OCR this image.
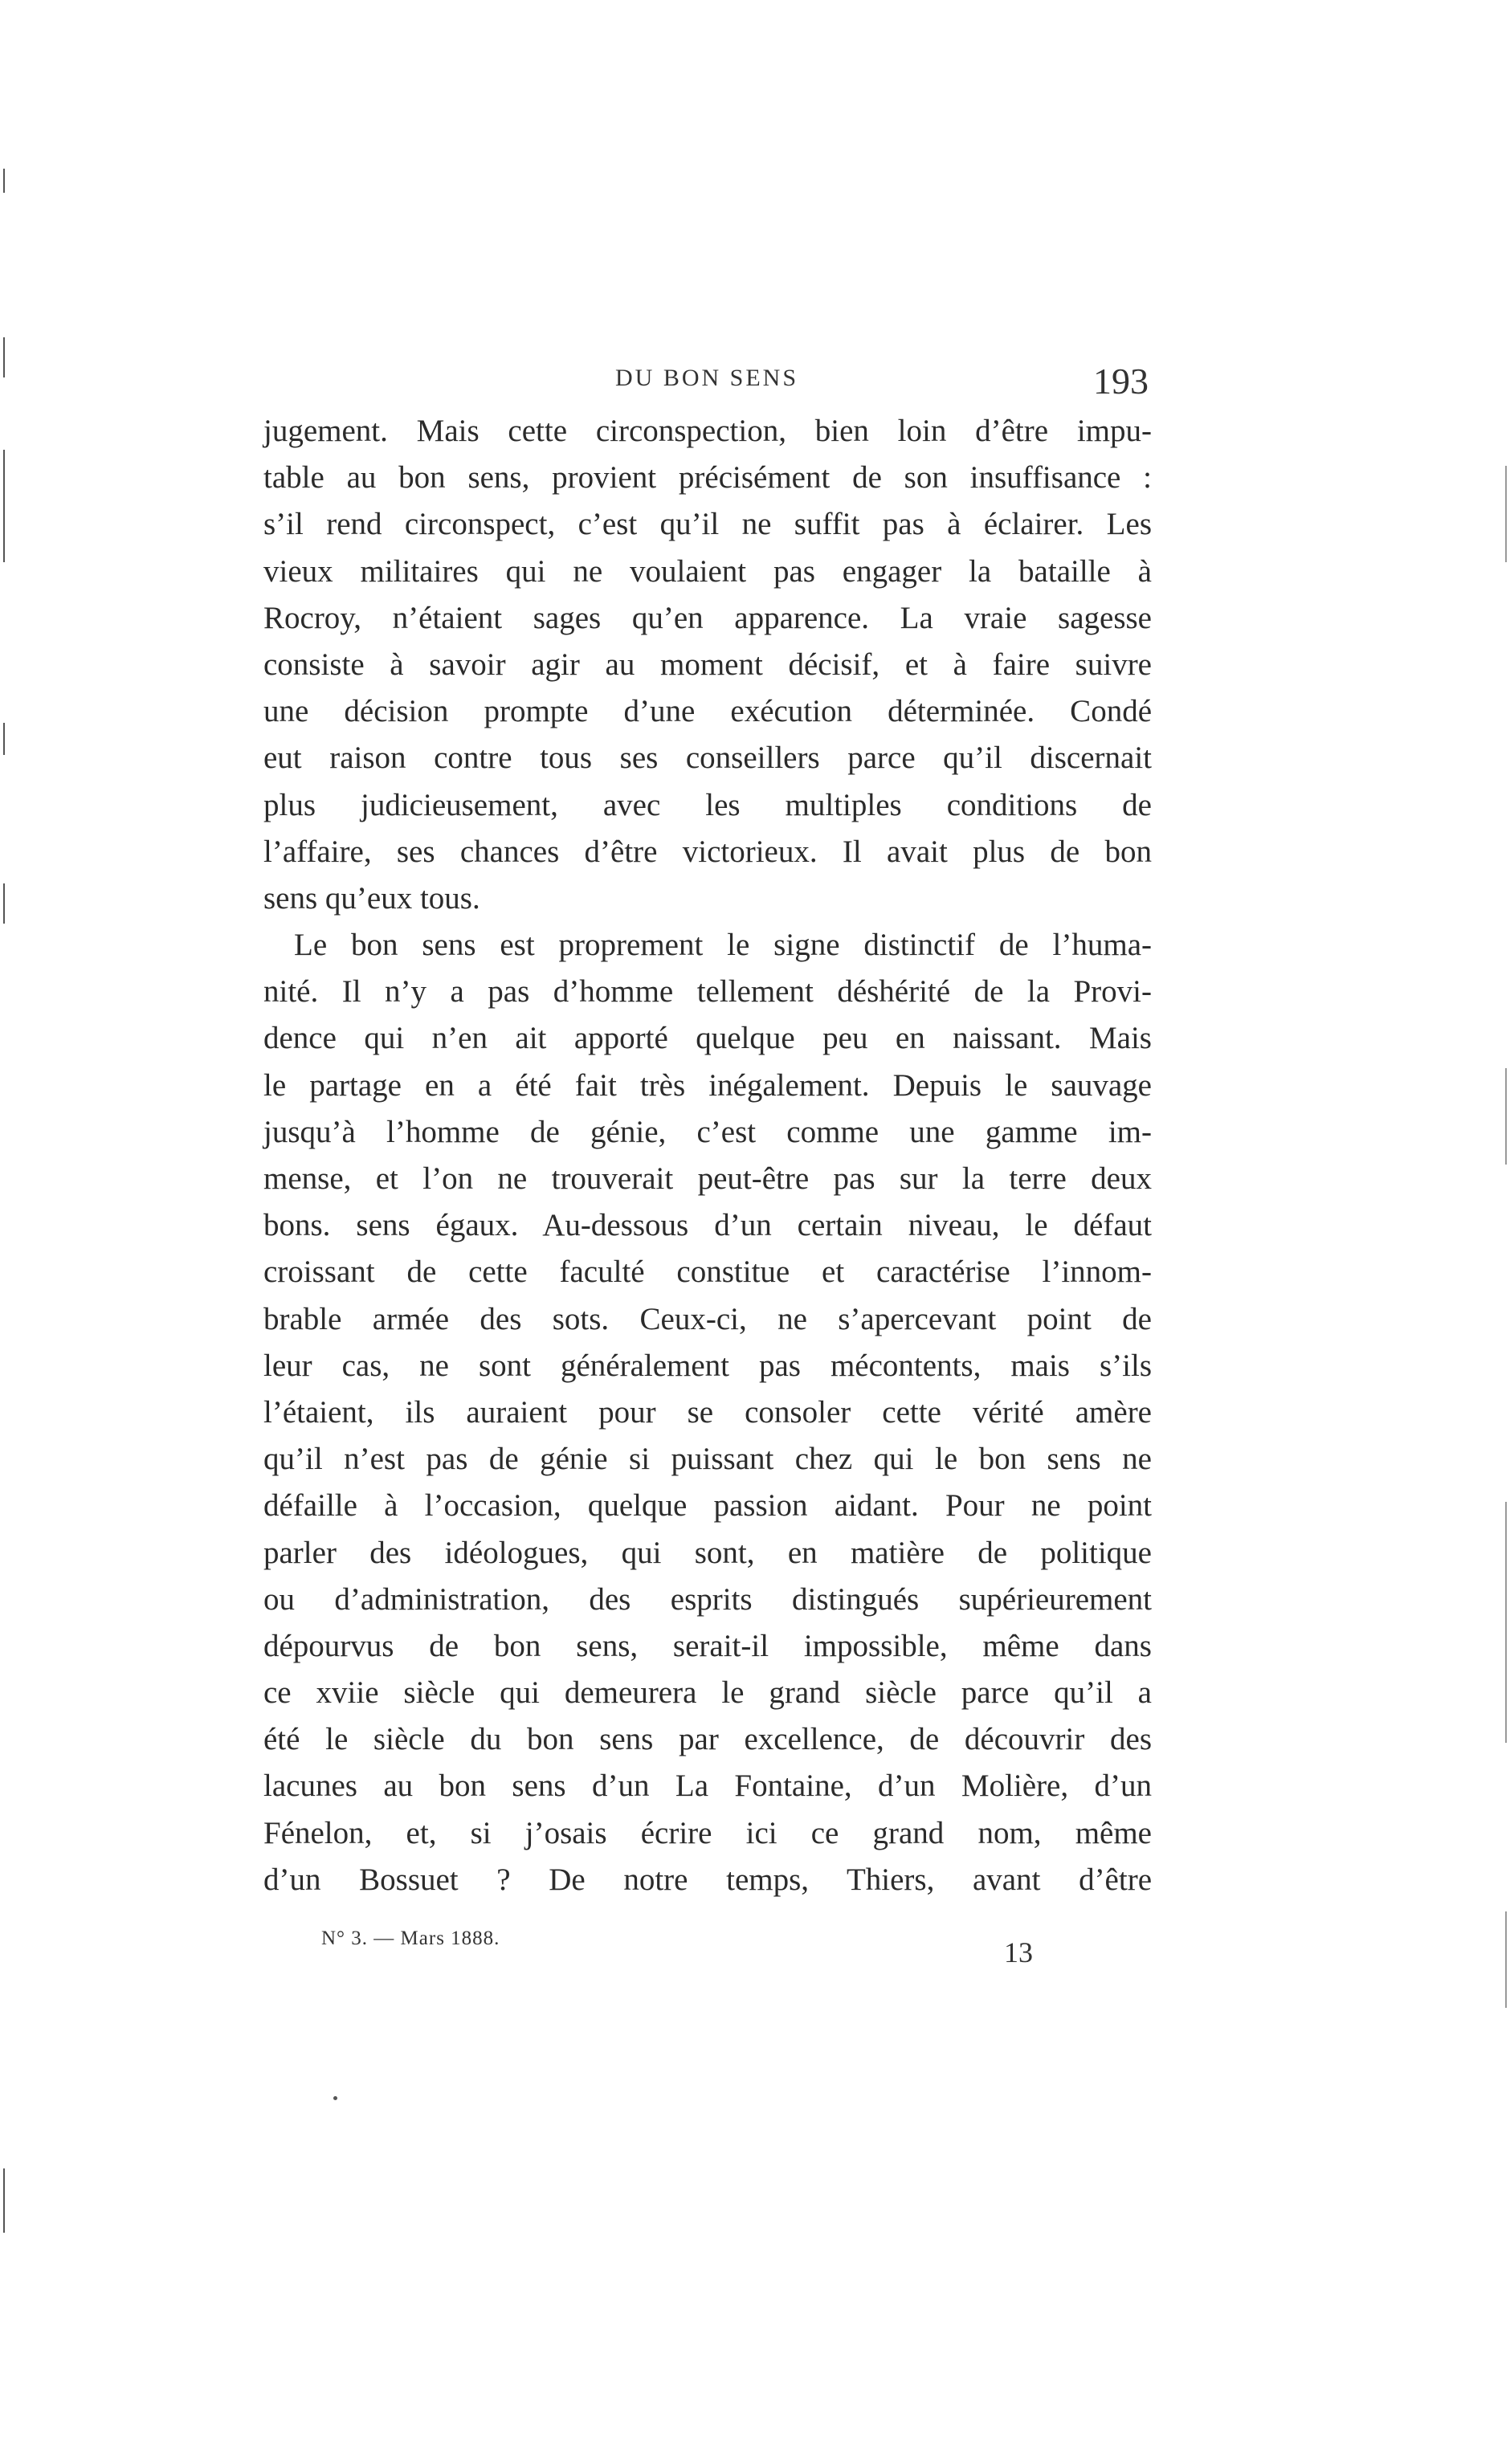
DU BON SENS	193
jugement. Mais cette circonspection, bien loin d’être impu-
table au bon sens, provient précisément de son insuffisance :
s’il rend circonspect, c’est qu’il ne suffit pas à éclairer. Les
vieux militaires qui ne voulaient pas engager la bataille à
Rocroy, n’étaient sages qu’en apparence. La vraie sagesse
consiste à savoir agir au moment décisif, et à faire suivre
une décision prompte d’une exécution déterminée. Condé
eut raison contre tous ses conseillers parce qu’il discernait
plus judicieusement, avec les multiples conditions de
l’affaire, ses chances d’être victorieux. Il avait plus de bon
sens qu’eux tous.
Le bon sens est proprement le signe distinctif de l’huma-
nité. Il n’y a pas d’homme tellement déshérité de la Provi-
dence qui n’en ait apporté quelque peu en naissant. Mais
le partage en a été fait très inégalement. Depuis le sauvage
jusqu’à l’homme de génie, c’est comme une gamme im-
mense, et l’on ne trouverait peut-être pas sur la terre deux
bons. sens égaux. Au-dessous d’un certain niveau, le défaut
croissant de cette faculté constitue et caractérise l’innom-
brable armée des sots. Ceux-ci, ne s’apercevant point de
leur cas, ne sont généralement pas mécontents, mais s’ils
l’étaient, ils auraient pour se consoler cette vérité amère
qu’il n’est pas de génie si puissant chez qui le bon sens ne
défaille à l’occasion, quelque passion aidant. Pour ne point
parler des idéologues, qui sont, en matière de politique
ou d’administration, des esprits distingués supérieurement
dépourvus de bon sens, serait-il impossible, même dans
ce xviie siècle qui demeurera le grand siècle parce qu’il a
été le siècle du bon sens par excellence, de découvrir des
lacunes au bon sens d’un La Fontaine, d’un Molière, d’un
Fénelon, et, si j’osais écrire ici ce grand nom, même
d’un Bossuet ? De notre temps, Thiers, avant d’être
N° 3. — Mars 1888.	13
